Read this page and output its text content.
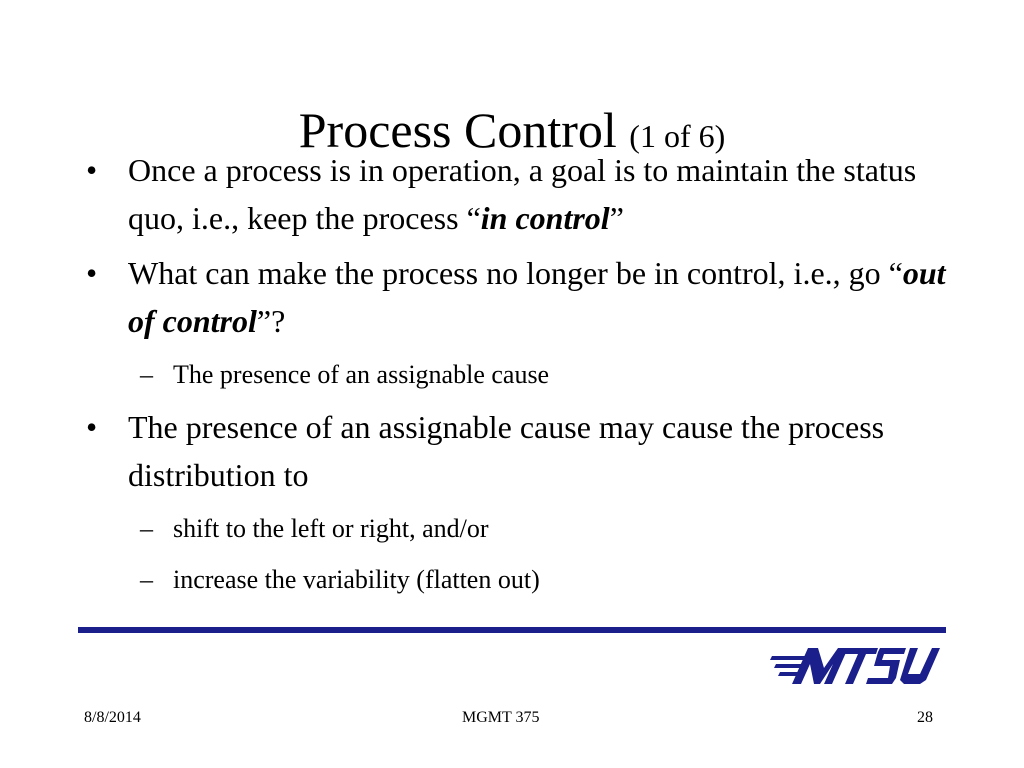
Process Control (1 of 6)
• Once a process is in operation, a goal is to maintain the status quo, i.e., keep the process “in control”
• What can make the process no longer be in control, i.e., go “out of control”?
– The presence of an assignable cause
• The presence of an assignable cause may cause the process distribution to
– shift to the left or right, and/or
– increase the variability (flatten out)
8/8/2014	MGMT 375	28
